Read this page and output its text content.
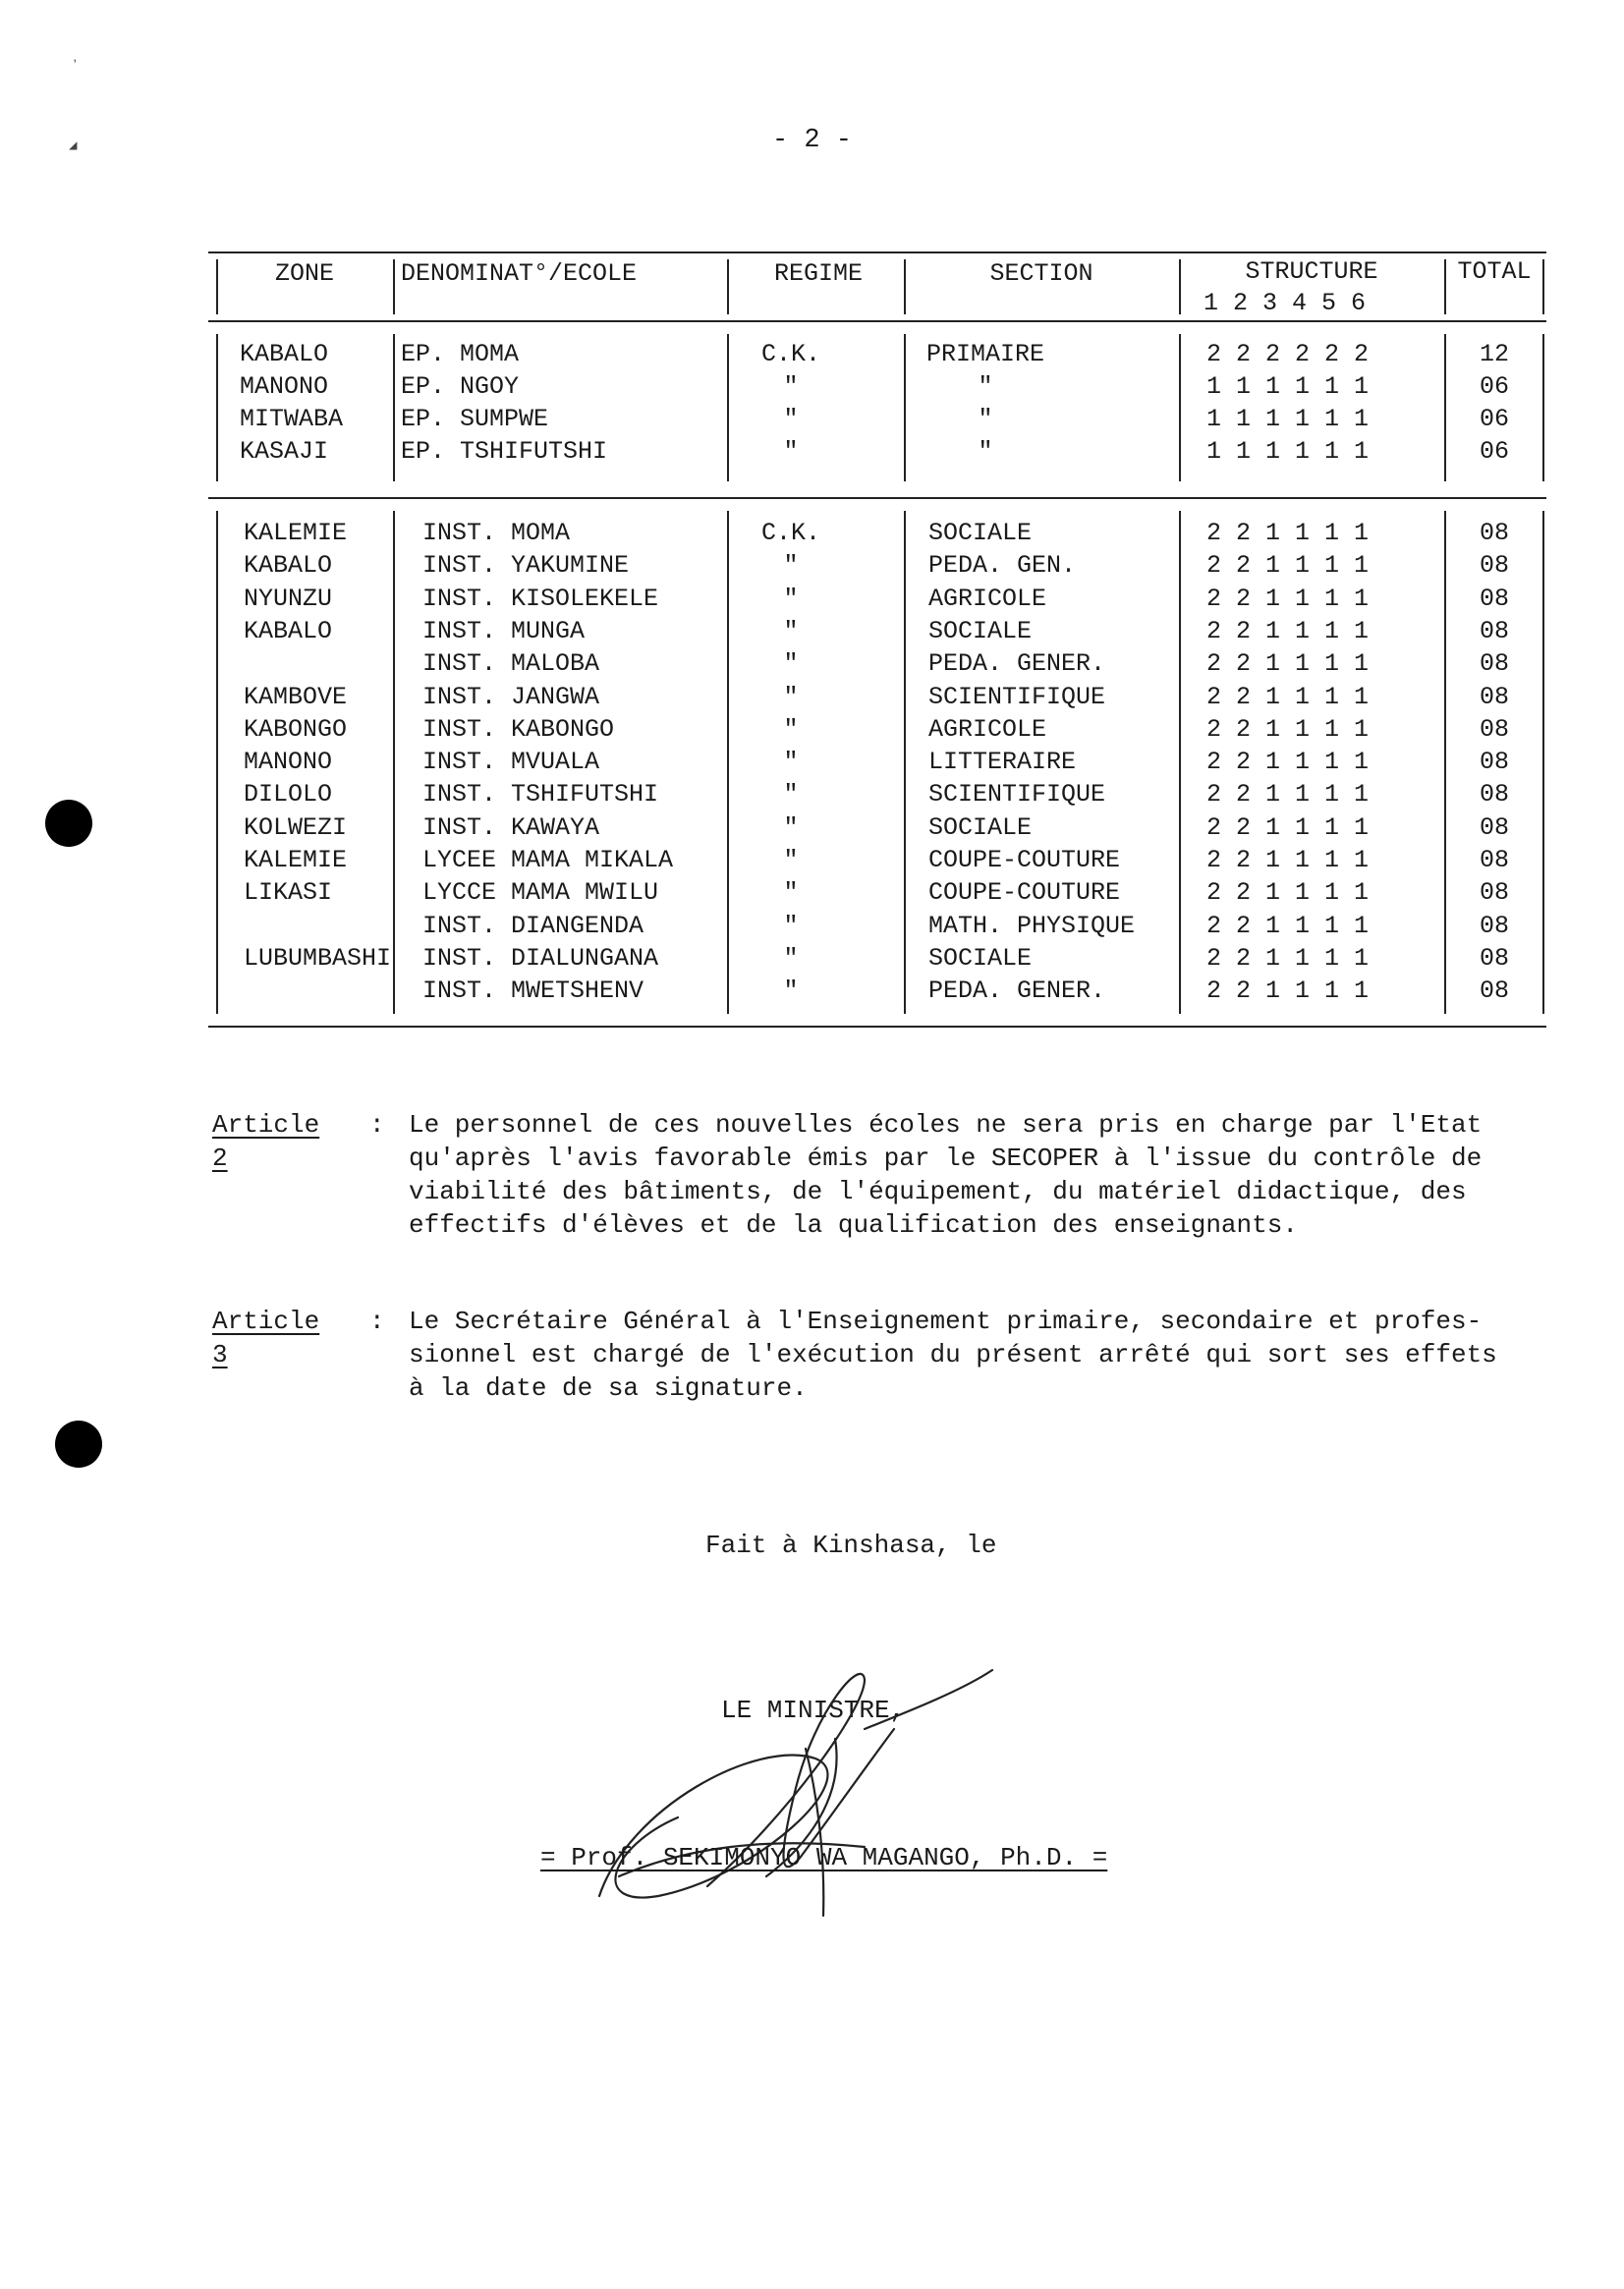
- 2 -
ZONE	DENOMINAT°/ECOLE	REGIME	SECTION	STRUCTURE
1 2 3 4 5 6
TOTAL
KABALO	EP. MOMA	C.K.	PRIMAIRE	2 2 2 2 2 2	12
MANONO	EP. NGOY	"	"	1 1 1 1 1 1	06
MITWABA EP. SUMPWE	"	"	1 1 1 1 1 1	06
KASAJI	EP. TSHIFUTSHI	"	"	1 1 1 1 1 1	06
KALEMIE	INST. MOMA	C.K.	SOCIALE	2 2 1 1 1 1	08
KABALO	INST. YAKUMINE	"	PEDA. GEN.	2 2 1 1 1 1	08
NYUNZU	INST. KISOLEKELE	"	AGRICOLE	2 2 1 1 1 1	08
KABALO	INST. MUNGA	"	SOCIALE	2 2 1 1 1 1	08
INST. MALOBA	"	PEDA. GENER.	2 2 1 1 1 1	08
KAMBOVE	INST. JANGWA	"	SCIENTIFIQUE	2 2 1 1 1 1	08
KABONGO	INST. KABONGO	"	AGRICOLE	2 2 1 1 1 1	08
MANONO	INST. MVUALA	"	LITTERAIRE	2 2 1 1 1 1	08
DILOLO	INST. TSHIFUTSHI	"	SCIENTIFIQUE	2 2 1 1 1 1	08
KOLWEZI	INST. KAWAYA	"	SOCIALE	2 2 1 1 1 1	08
KALEMIE	LYCEE MAMA MIKALA	"	COUPE-COUTURE	2 2 1 1 1 1	08
LIKASI	LYCCE MAMA MWILU	"	COUPE-COUTURE	2 2 1 1 1 1	08
INST. DIANGENDA	"	MATH. PHYSIQUE	2 2 1 1 1 1	08
LUBUMBASHI INST. DIALUNGANA	"	SOCIALE	2 2 1 1 1 1	08
INST. MWETSHENV	"	PEDA. GENER.	2 2 1 1 1 1	08
Article 2
: Le personnel de ces nouvelles écoles ne sera pris en charge par l'Etat
qu'après l'avis favorable émis par le SECOPER à l'issue du contrôle de
viabilité des bâtiments, de l'équipement, du matériel didactique, des
effectifs d'élèves et de la qualification des enseignants.
Article 3
: Le Secrétaire Général à l'Enseignement primaire, secondaire et profes-
sionnel est chargé de l'exécution du présent arrêté qui sort ses effets
à la date de sa signature.
Fait à Kinshasa, le
LE MINISTRE,
= Prof. SEKIMONYO WA MAGANGO, Ph.D. =
ʼ
◢
